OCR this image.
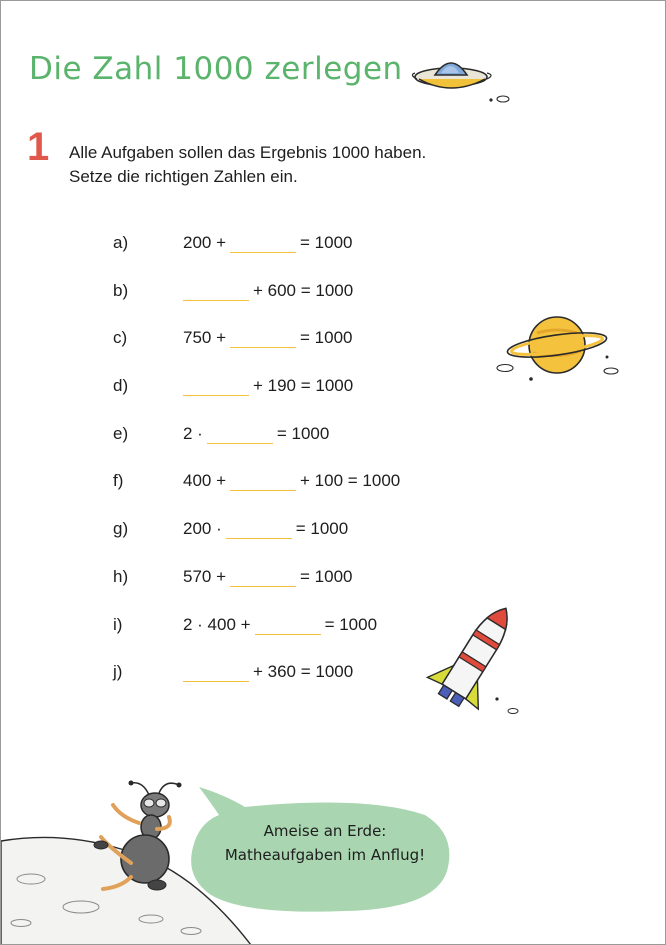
Die Zahl 1000 zerlegen
1 Alle Aufgaben sollen das Ergebnis 1000 haben.
Setze die richtigen Zahlen ein.
a)	200 +	= 1000
b)	+ 600 = 1000
c)	750 +	= 1000
d)	+ 190 = 1000
e)	2 ·	= 1000
f)	400 +	+ 100 = 1000
g)	200 ·	= 1000
h)	570 +	= 1000
i)	2 · 400 +	= 1000
j)	+ 360 = 1000
Ameise an Erde:
Matheaufgaben im Anflug!
